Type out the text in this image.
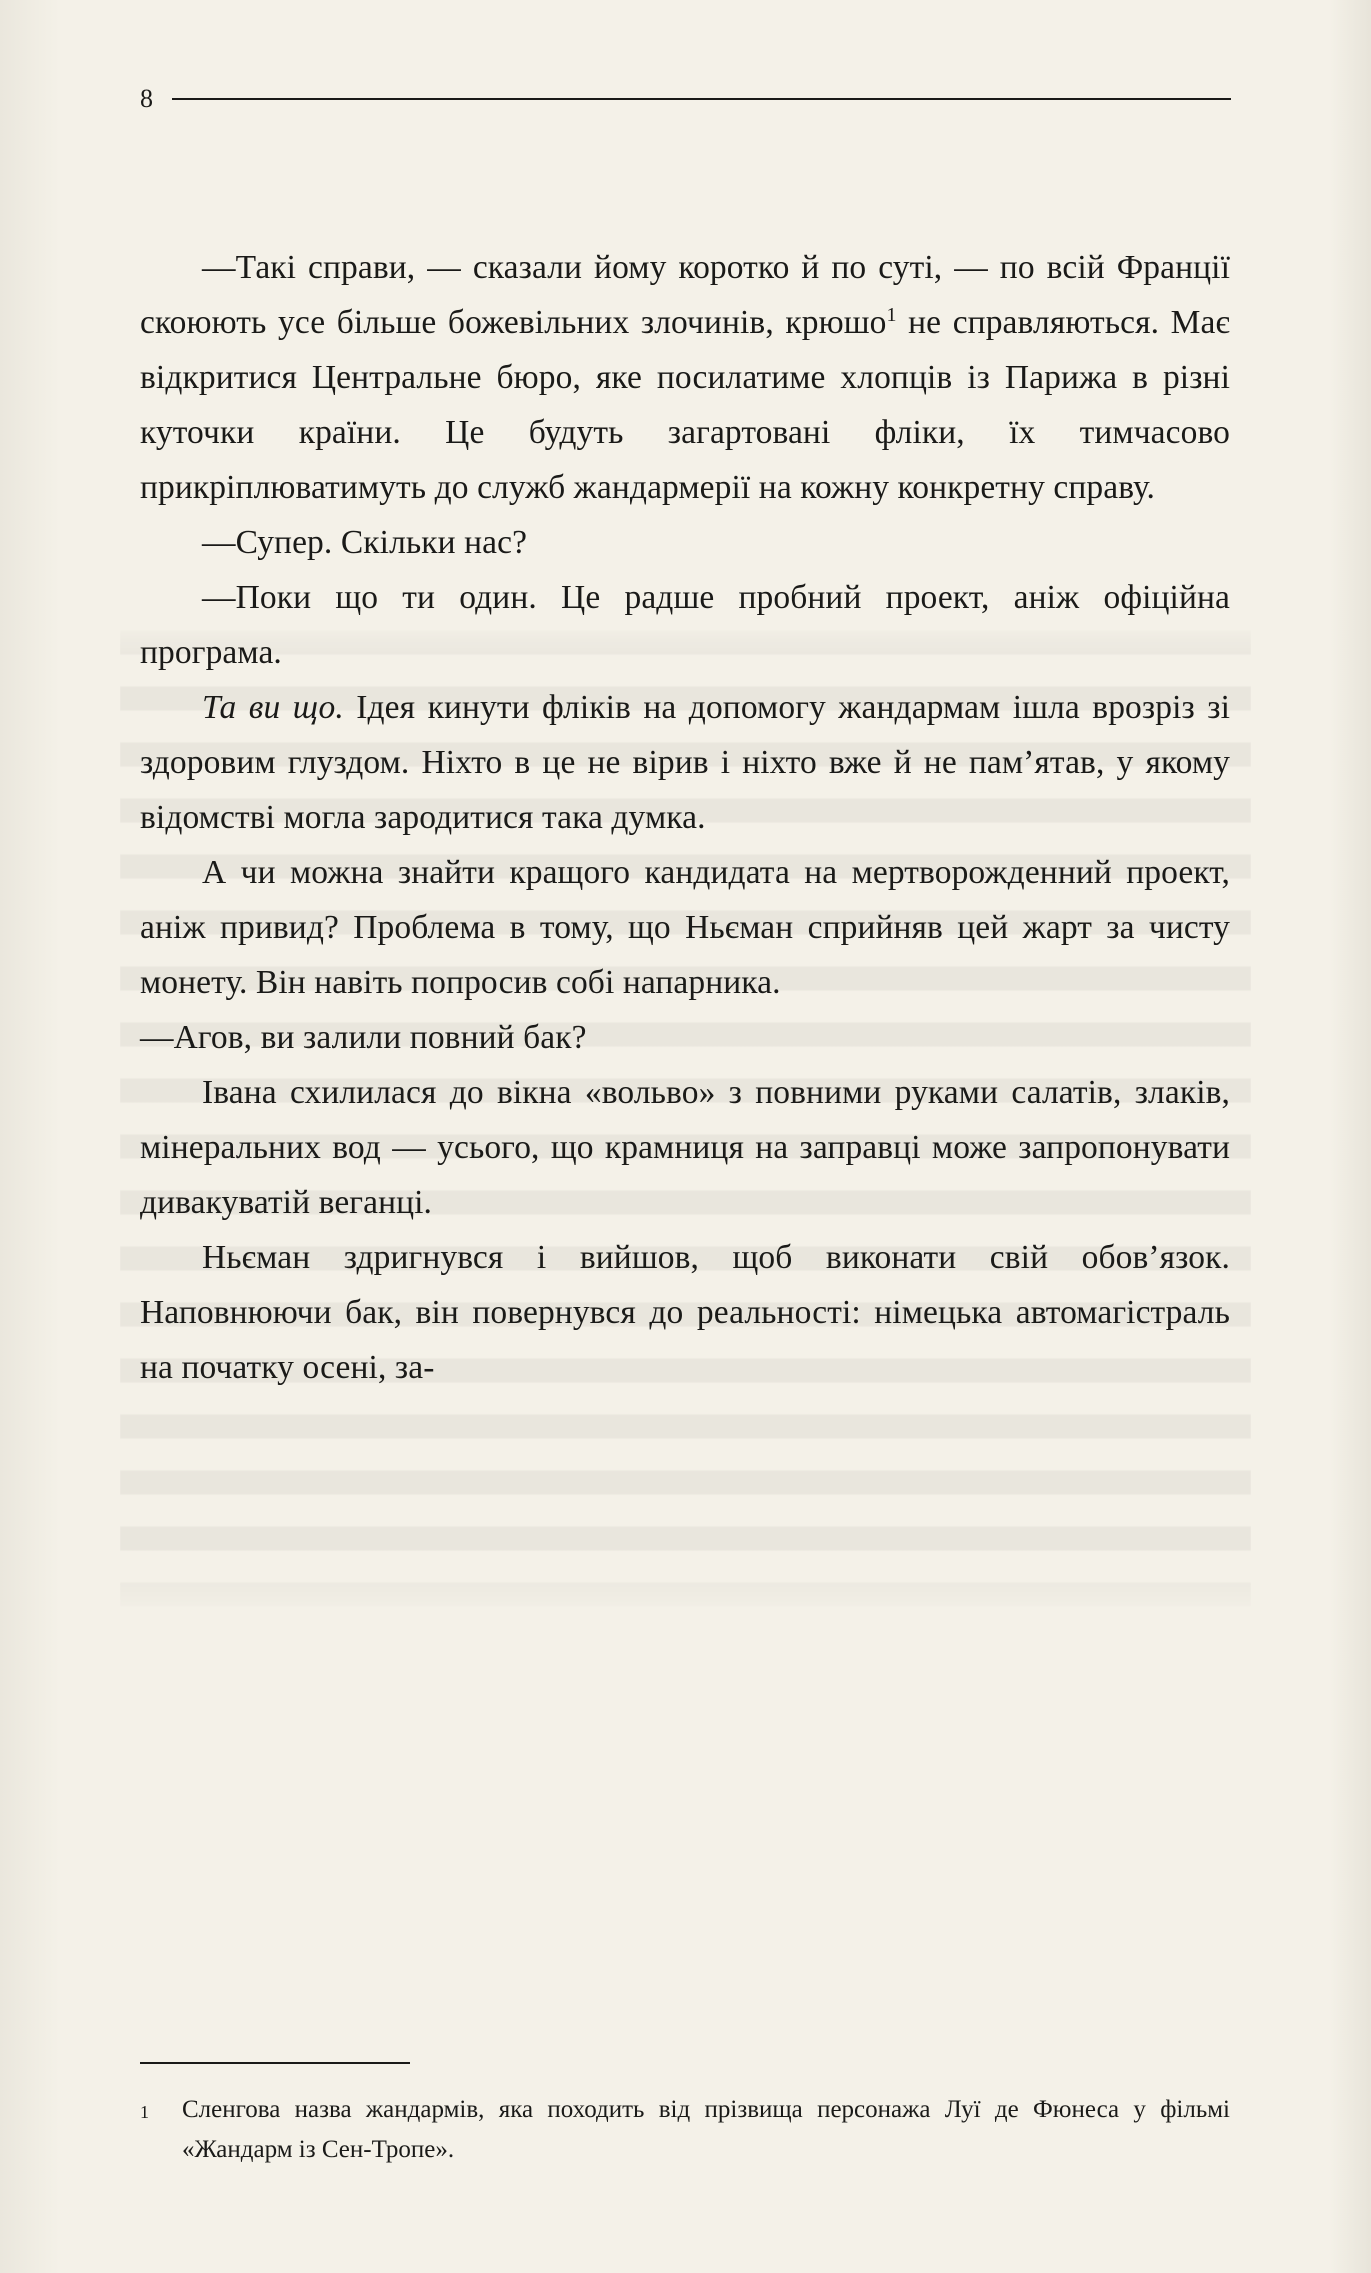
8

—Такі справи, — сказали йому коротко й по суті, — по всій Франції скоюють усе більше божевільних злочинів, крюшо$^1$ не справляються. Має відкритися Центральне бюро, яке посилатиме хлопців із Парижа в різні куточки країни. Це будуть загартовані фліки, їх тимчасово прикріплюватимуть до служб жандармерії на кожну конкретну справу.

—Супер. Скільки нас?

—Поки що ти один. Це радше пробний проект, аніж офіційна програма.

Та ви що. Ідея кинути фліків на допомогу жандармам ішла врозріз зі здоровим глуздом. Ніхто в це не вірив і ніхто вже й не пам’ятав, у якому відомстві могла зародитися така думка.

А чи можна знайти кращого кандидата на мертворожденний проект, аніж привид? Проблема в тому, що Ньєман сприйняв цей жарт за чисту монету. Він навіть попросив собі напарника.

—Агов, ви залили повний бак?

Івана схилилася до вікна «вольво» з повними руками салатів, злаків, мінеральних вод — усього, що крамниця на заправці може запропонувати дивакуватій веганці.

Ньєман здригнувся і вийшов, щоб виконати свій обов’язок. Наповнюючи бак, він повернувся до реальності: німецька автомагістраль на початку осені, за-

1	Сленгова назва жандармів, яка походить від прізвища персонажа Луї де Фюнеса у фільмі «Жандарм із Сен-Тропе».
